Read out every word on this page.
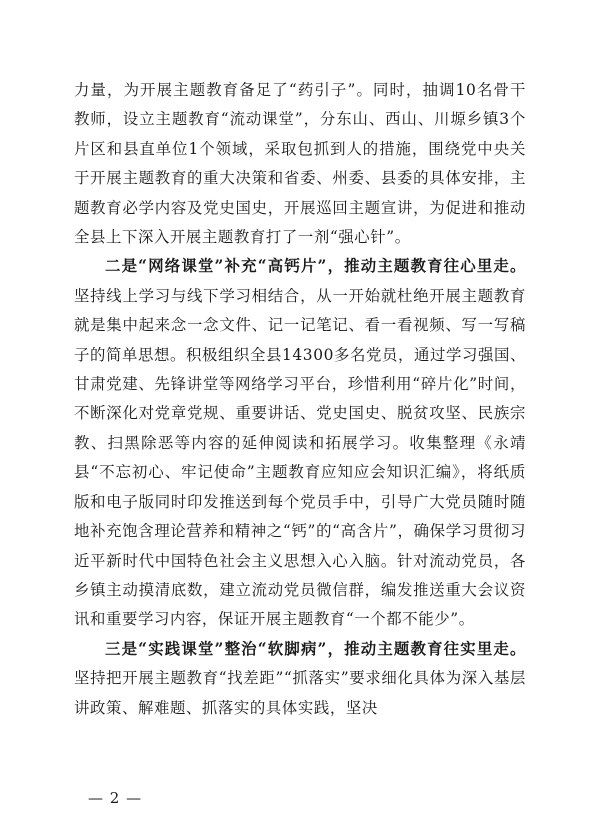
力量，为开展主题教育备足了“药引子”。同时，抽调10名骨干教师，设立主题教育“流动课堂”，分东山、西山、川塬乡镇3个片区和县直单位1个领域，采取包抓到人的措施，围绕党中央关于开展主题教育的重大决策和省委、州委、县委的具体安排，主题教育必学内容及党史国史，开展巡回主题宣讲，为促进和推动全县上下深入开展主题教育打了一剂“强心针”。

二是“网络课堂”补充“高钙片”，推动主题教育往心里走。坚持线上学习与线下学习相结合，从一开始就杜绝开展主题教育就是集中起来念一念文件、记一记笔记、看一看视频、写一写稿子的简单思想。积极组织全县14300多名党员，通过学习强国、甘肃党建、先锋讲堂等网络学习平台，珍惜利用“碎片化”时间，不断深化对党章党规、重要讲话、党史国史、脱贫攻坚、民族宗教、扫黑除恶等内容的延伸阅读和拓展学习。收集整理《永靖县“不忘初心、牢记使命”主题教育应知应会知识汇编》，将纸质版和电子版同时印发推送到每个党员手中，引导广大党员随时随地补充饱含理论营养和精神之“钙”的“高含片”，确保学习贯彻习近平新时代中国特色社会主义思想入心入脑。针对流动党员，各乡镇主动摸清底数，建立流动党员微信群，编发推送重大会议资讯和重要学习内容，保证开展主题教育“一个都不能少”。

三是“实践课堂”整治“软脚病”，推动主题教育往实里走。坚持把开展主题教育“找差距”“抓落实”要求细化具体为深入基层讲政策、解难题、抓落实的具体实践，坚决

— 2 —
